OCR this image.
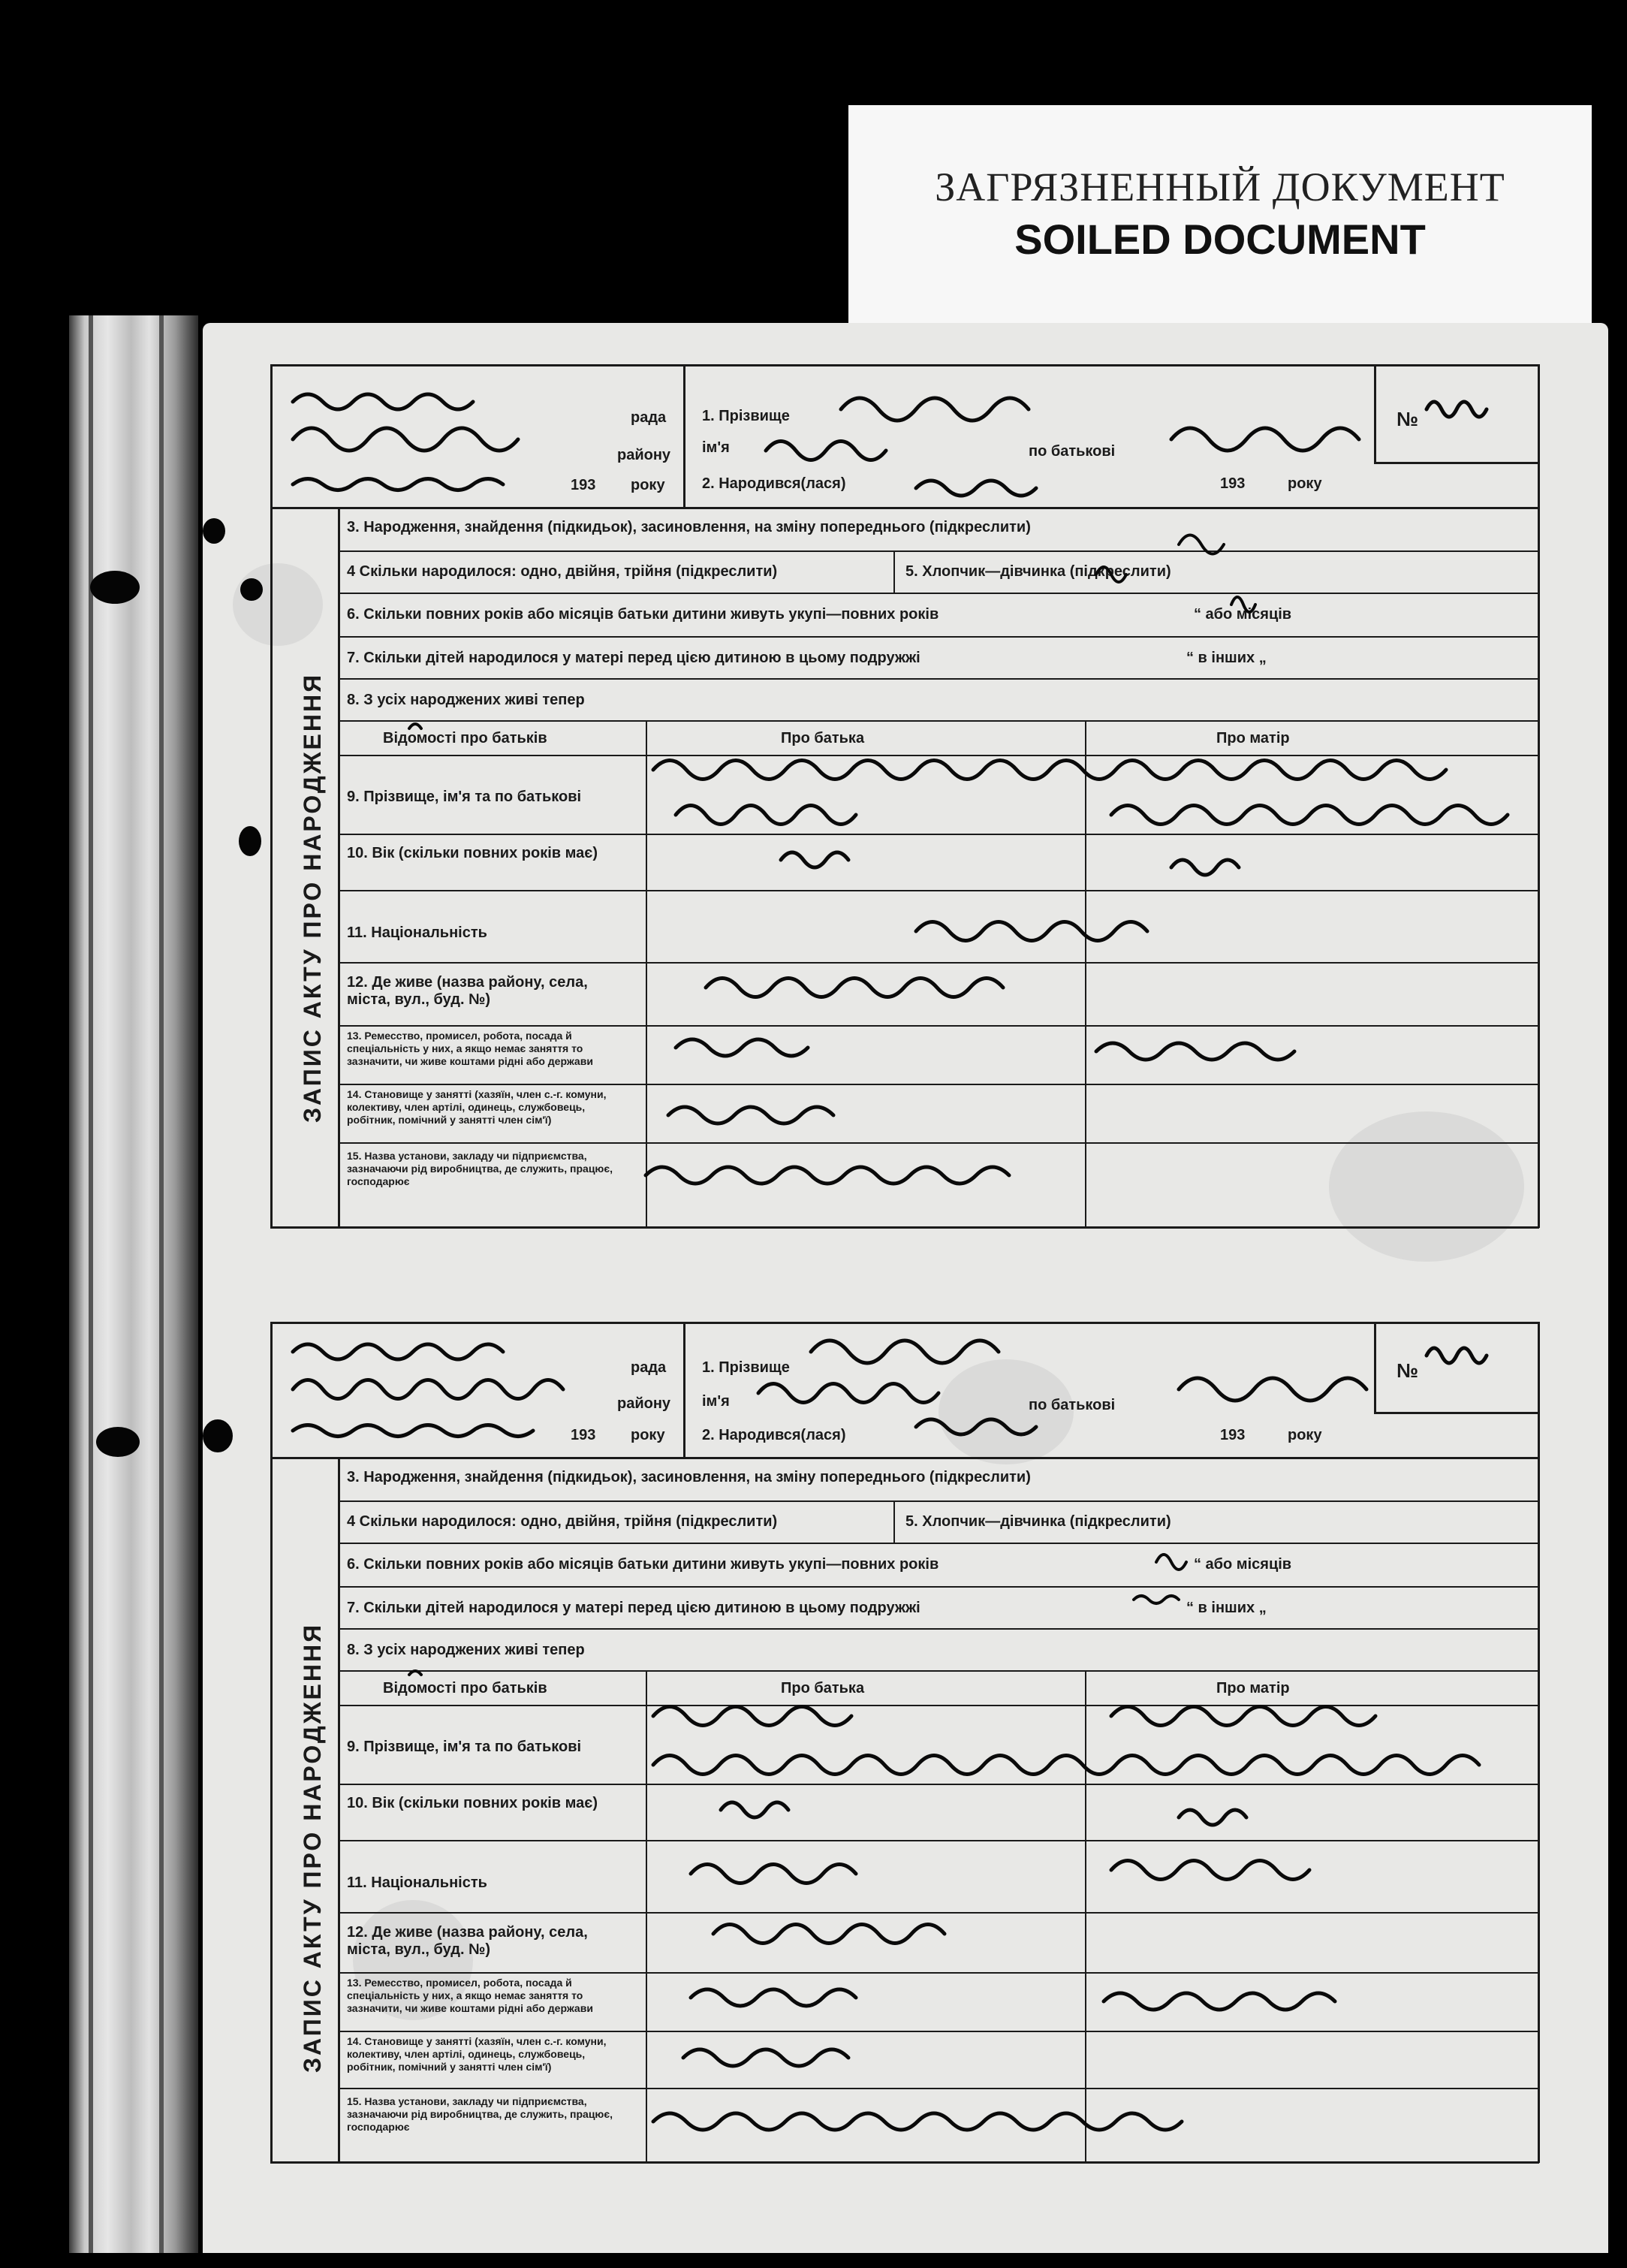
ЗАГРЯЗНЕННЫЙ ДОКУМЕНТ
SOILED DOCUMENT
рада
району
193 року
1. Прізвище
ім'я	по батькові
2. Народився(лася)	193	року
№
ЗАПИС АКТУ ПРО НАРОДЖЕННЯ
3. Народження, знайдення (підкидьок), засиновлення, на зміну попереднього (підкреслити)
4 Скільки народилося: одно, двійня, трійня (підкреслити)	5. Хлопчик—дівчинка (підкреслити)
6. Скільки повних років або місяців батьки дитини живуть укупі—повних років	“ або місяців
7. Скільки дітей народилося у матері перед цією дитиною в цьому подружжі	“ в інших „
8. З усіх народжених живі тепер
Відомості про батьків	Про батька	Про матір
9. Прізвище, ім'я та по батькові
10. Вік (скільки повних років має)
11. Національність
12. Де живе (назва району, села, міста, вул., буд. №)
13. Ремесство, промисел, робота, посада й спеціальність у них, а якщо немає заняття то зазначити, чи живе коштами рідні або держави
14. Становище у занятті (хазяїн, член с.-г. комуни, колективу, член артілі, одинець, службовець, робітник, помічний у занятті член сім'ї)
15. Назва установи, закладу чи підприємства, зазначаючи рід виробництва, де служить, працює, господарює
рада
району
193 року
1. Прізвище
ім'я	по батькові
2. Народився(лася)	193	року
№
ЗАПИС АКТУ ПРО НАРОДЖЕННЯ
3. Народження, знайдення (підкидьок), засиновлення, на зміну попереднього (підкреслити)
4 Скільки народилося: одно, двійня, трійня (підкреслити)	5. Хлопчик—дівчинка (підкреслити)
6. Скільки повних років або місяців батьки дитини живуть укупі—повних років	“ або місяців
7. Скільки дітей народилося у матері перед цією дитиною в цьому подружжі	“ в інших „
8. З усіх народжених живі тепер
Відомості про батьків	Про батька	Про матір
9. Прізвище, ім'я та по батькові
10. Вік (скільки повних років має)
11. Національність
12. Де живе (назва району, села, міста, вул., буд. №)
13. Ремесство, промисел, робота, посада й спеціальність у них, а якщо немає заняття то зазначити, чи живе коштами рідні або держави
14. Становище у занятті (хазяїн, член с.-г. комуни, колективу, член артілі, одинець, службовець, робітник, помічний у занятті член сім'ї)
15. Назва установи, закладу чи підприємства, зазначаючи рід виробництва, де служить, працює, господарює
